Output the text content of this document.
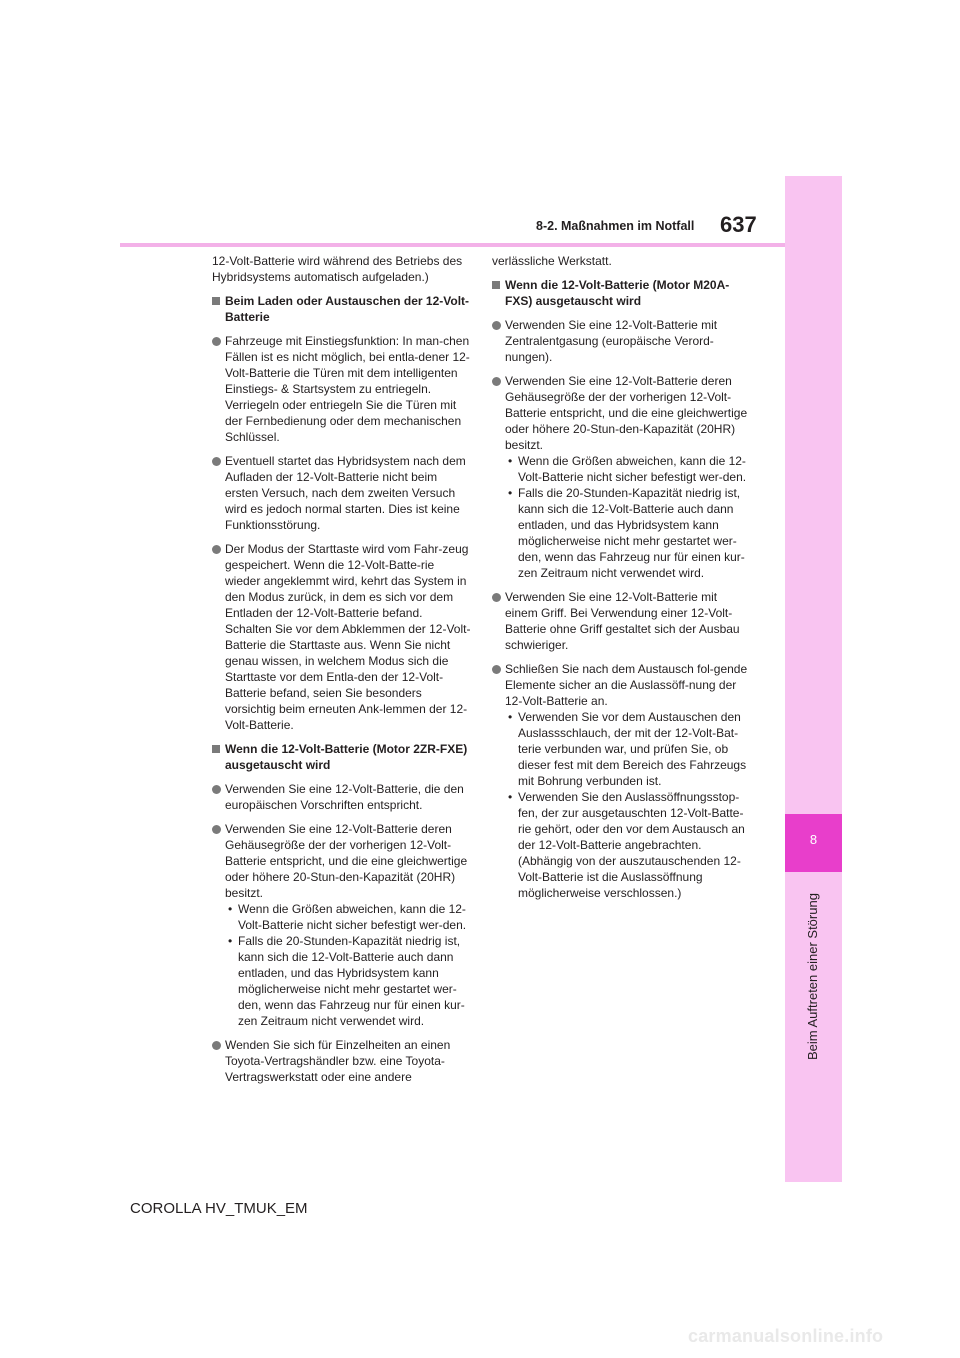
8
Beim Auftreten einer Störung
637
8-2. Maßnahmen im Notfall

12-Volt-Batterie wird während des Betriebs des Hybridsystems automatisch aufgeladen.)

Beim Laden oder Austauschen der 12-Volt-Batterie
Fahrzeuge mit Einstiegsfunktion: In man-chen Fällen ist es nicht möglich, bei entla-dener 12-Volt-Batterie die Türen mit dem intelligenten Einstiegs- & Startsystem zu entriegeln. Verriegeln oder entriegeln Sie die Türen mit der Fernbedienung oder dem mechanischen Schlüssel.
Eventuell startet das Hybridsystem nach dem Aufladen der 12-Volt-Batterie nicht beim ersten Versuch, nach dem zweiten Versuch wird es jedoch normal starten. Dies ist keine Funktionsstörung.
Der Modus der Starttaste wird vom Fahr-zeug gespeichert. Wenn die 12-Volt-Batte-rie wieder angeklemmt wird, kehrt das System in den Modus zurück, in dem es sich vor dem Entladen der 12-Volt-Batterie befand. Schalten Sie vor dem Abklemmen der 12-Volt-Batterie die Starttaste aus. Wenn Sie nicht genau wissen, in welchem Modus sich die Starttaste vor dem Entla-den der 12-Volt-Batterie befand, seien Sie besonders vorsichtig beim erneuten Ank-lemmen der 12-Volt-Batterie.
Wenn die 12-Volt-Batterie (Motor 2ZR-FXE) ausgetauscht wird
Verwenden Sie eine 12-Volt-Batterie, die den europäischen Vorschriften entspricht.
Verwenden Sie eine 12-Volt-Batterie deren Gehäusegröße der der vorherigen 12-Volt-Batterie entspricht, und die eine gleichwertige oder höhere 20-Stun-den-Kapazität (20HR) besitzt.
• Wenn die Größen abweichen, kann die 12-Volt-Batterie nicht sicher befestigt wer-den.
• Falls die 20-Stunden-Kapazität niedrig ist, kann sich die 12-Volt-Batterie auch dann entladen, und das Hybridsystem kann möglicherweise nicht mehr gestartet wer-den, wenn das Fahrzeug nur für einen kur-zen Zeitraum nicht verwendet wird.
Wenden Sie sich für Einzelheiten an einen Toyota-Vertragshändler bzw. eine Toyota-Vertragswerkstatt oder eine andere

verlässliche Werkstatt.

Wenn die 12-Volt-Batterie (Motor M20A-FXS) ausgetauscht wird
Verwenden Sie eine 12-Volt-Batterie mit Zentralentgasung (europäische Verord-nungen).
Verwenden Sie eine 12-Volt-Batterie deren Gehäusegröße der der vorherigen 12-Volt-Batterie entspricht, und die eine gleichwertige oder höhere 20-Stun-den-Kapazität (20HR) besitzt.
• Wenn die Größen abweichen, kann die 12-Volt-Batterie nicht sicher befestigt wer-den.
• Falls die 20-Stunden-Kapazität niedrig ist, kann sich die 12-Volt-Batterie auch dann entladen, und das Hybridsystem kann möglicherweise nicht mehr gestartet wer-den, wenn das Fahrzeug nur für einen kur-zen Zeitraum nicht verwendet wird.
Verwenden Sie eine 12-Volt-Batterie mit einem Griff. Bei Verwendung einer 12-Volt-Batterie ohne Griff gestaltet sich der Ausbau schwieriger.
Schließen Sie nach dem Austausch fol-gende Elemente sicher an die Auslassöff-nung der 12-Volt-Batterie an.
• Verwenden Sie vor dem Austauschen den Auslassschlauch, der mit der 12-Volt-Bat-terie verbunden war, und prüfen Sie, ob dieser fest mit dem Bereich des Fahrzeugs mit Bohrung verbunden ist.
• Verwenden Sie den Auslassöffnungsstop-fen, der zur ausgetauschten 12-Volt-Batte-rie gehört, oder den vor dem Austausch an der 12-Volt-Batterie angebrachten. (Abhängig von der auszutauschenden 12-Volt-Batterie ist die Auslassöffnung möglicherweise verschlossen.)
COROLLA HV_TMUK_EM
carmanualsonline.info
